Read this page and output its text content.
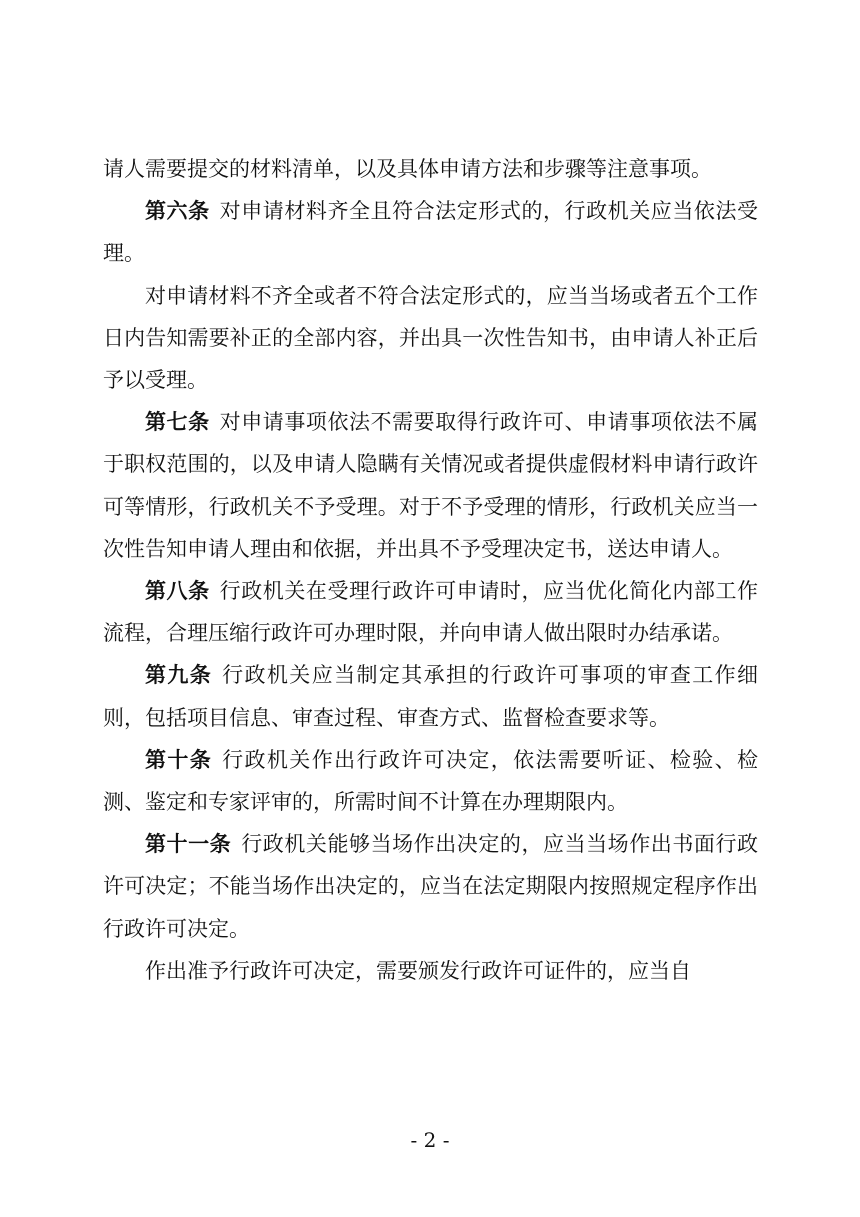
请人需要提交的材料清单，以及具体申请方法和步骤等注意事项。

第六条 对申请材料齐全且符合法定形式的，行政机关应当依法受理。

对申请材料不齐全或者不符合法定形式的，应当当场或者五个工作日内告知需要补正的全部内容，并出具一次性告知书，由申请人补正后予以受理。

第七条 对申请事项依法不需要取得行政许可、申请事项依法不属于职权范围的，以及申请人隐瞒有关情况或者提供虚假材料申请行政许可等情形，行政机关不予受理。对于不予受理的情形，行政机关应当一次性告知申请人理由和依据，并出具不予受理决定书，送达申请人。

第八条 行政机关在受理行政许可申请时，应当优化简化内部工作流程，合理压缩行政许可办理时限，并向申请人做出限时办结承诺。

第九条 行政机关应当制定其承担的行政许可事项的审查工作细则，包括项目信息、审查过程、审查方式、监督检查要求等。

第十条 行政机关作出行政许可决定，依法需要听证、检验、检测、鉴定和专家评审的，所需时间不计算在办理期限内。

第十一条 行政机关能够当场作出决定的，应当当场作出书面行政许可决定；不能当场作出决定的，应当在法定期限内按照规定程序作出行政许可决定。

作出准予行政许可决定，需要颁发行政许可证件的，应当自

- 2 -
